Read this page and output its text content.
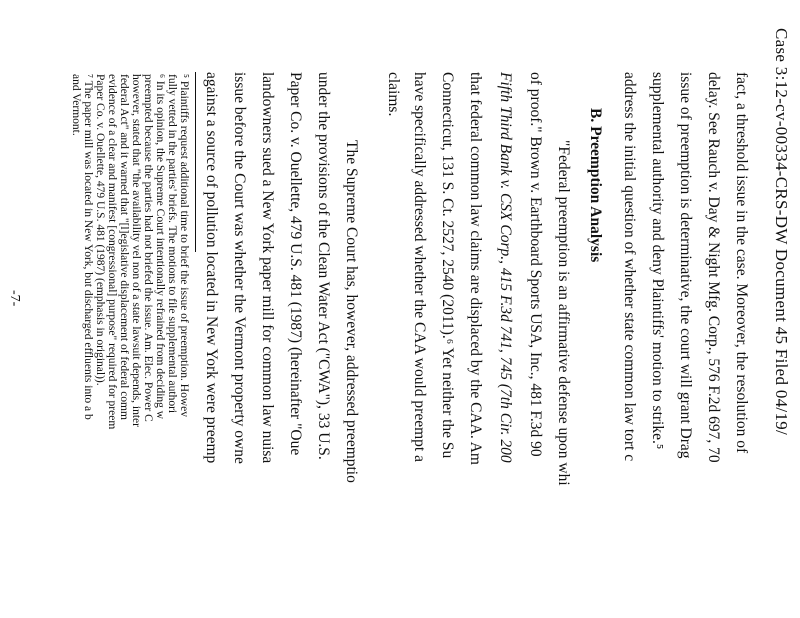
Case 3:12-cv-00334-CRS-DW Document 45 Filed 04/19/
fact, a threshold issue in the case. Moreover, the resolution of
delay. See Rauch v. Day & Night Mfg. Corp., 576 F.2d 697, 70
issue of preemption is determinative, the court will grant Drag
supplemental authority and deny Plaintiffs' motion to strike.⁵
address the initial question of whether state common law tort c
B. Preemption Analysis
"Federal preemption is an affirmative defense upon whi
of proof." Brown v. Earthboard Sports USA, Inc., 481 F.3d 90
Fifth Third Bank v. CSX Corp., 415 F.3d 741, 745 (7th Cir. 200
that federal common law claims are displaced by the CAA. Am
Connecticut, 131 S. Ct. 2527, 2540 (2011).⁶ Yet neither the Su
have specifically addressed whether the CAA would preempt a
claims.
The Supreme Court has, however, addressed preemptio
under the provisions of the Clean Water Act ("CWA"), 33 U.S.
Paper Co. v. Ouellette, 479 U.S. 481 (1987) (hereinafter "Oue
landowners sued a New York paper mill for common law nuisa
issue before the Court was whether the Vermont property owne
against a source of pollution located in New York were preemp
⁵ Plaintiffs request additional time to brief the issue of preemption. Howev
fully vetted in the parties' briefs. The motions to file supplemental authori
⁶ In its opinion, the Supreme Court intentionally refrained from deciding w
preempted because the parties had not briefed the issue. Am. Elec. Power C
however, stated that "the availability vel non of a state lawsuit depends, inter
federal Act" and it warned that "[l]egislative displacement of federal comm
evidence of a clear and manifest [congressional] purpose" required for preem
Paper Co. v. Ouellette, 479 U.S. 481 (1987) (emphasis in original)).
⁷ The paper mill was located in New York, but discharged effluents into a b
and Vermont.
-7-
